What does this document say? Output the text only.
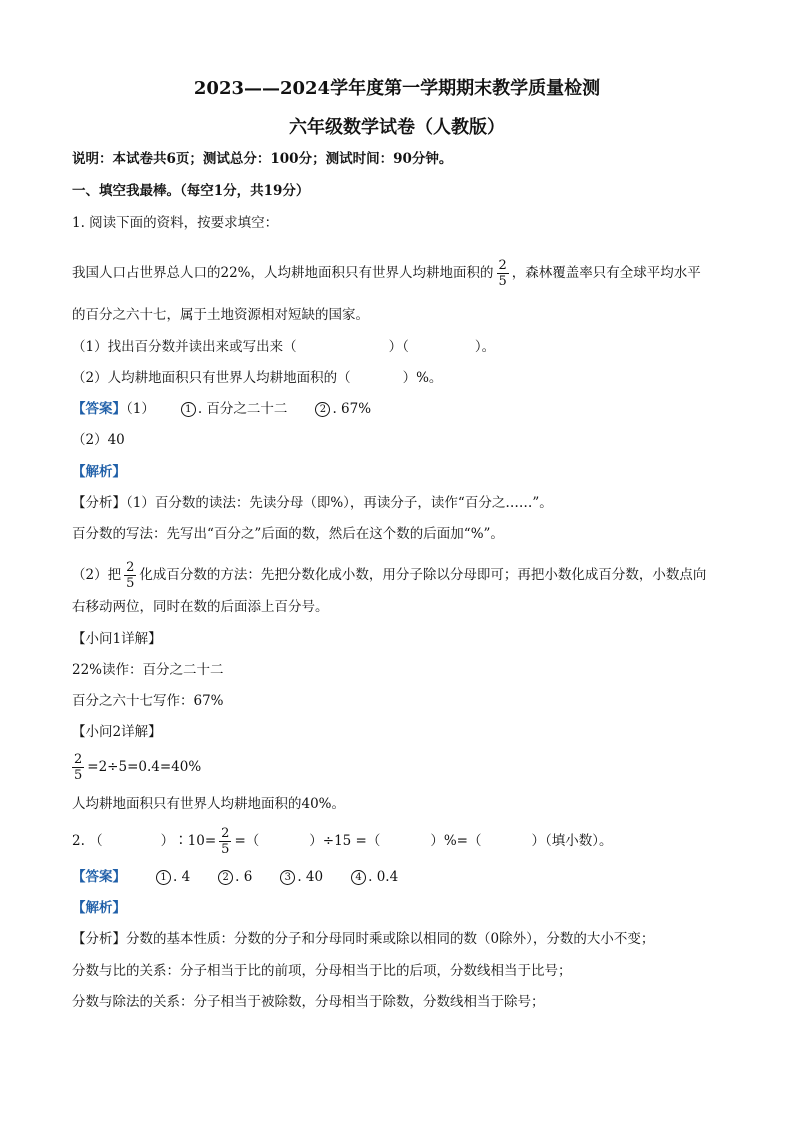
2023——2024学年度第一学期期末教学质量检测
六年级数学试卷（人教版）
说明：本试卷共6页；测试总分：100分；测试时间：90分钟。
一、填空我最棒。（每空1分，共19分）
1. 阅读下面的资料，按要求填空：
我国人口占世界总人口的22%，人均耕地面积只有世界人均耕地面积的 $\frac{2}{5}$ ，森林覆盖率只有全球平均水平
的百分之六十七，属于土地资源相对短缺的国家。
（1）找出百分数并读出来或写出来（	）（	）。
（2）人均耕地面积只有世界人均耕地面积的（	）%。
【答案】（1）	1 . 百分之二十二	2 . 67%
（2）40
【解析】
【分析】（1）百分数的读法：先读分母（即%），再读分子，读作“百分之……”。
百分数的写法：先写出“百分之”后面的数，然后在这个数的后面加“%”。
（2）把 $\frac{2}{5}$ 化成百分数的方法：先把分数化成小数，用分子除以分母即可；再把小数化成百分数，小数点向
右移动两位，同时在数的后面添上百分号。
【小问1详解】
22%读作：百分之二十二
百分之六十七写作：67%
【小问2详解】
$\frac{2}{5} =2\div 5=0.4=40\%$
人均耕地面积只有世界人均耕地面积的40%。
2. （	）∶10= $\frac{2}{5}$ =（	）÷15 =（	）%=（	）（填小数）。
【答案】	1 . 4	2 . 6	3 . 40	4 . 0.4
【解析】
【分析】分数的基本性质：分数的分子和分母同时乘或除以相同的数（0除外），分数的大小不变；
分数与比的关系：分子相当于比的前项，分母相当于比的后项，分数线相当于比号；
分数与除法的关系：分子相当于被除数，分母相当于除数，分数线相当于除号；
